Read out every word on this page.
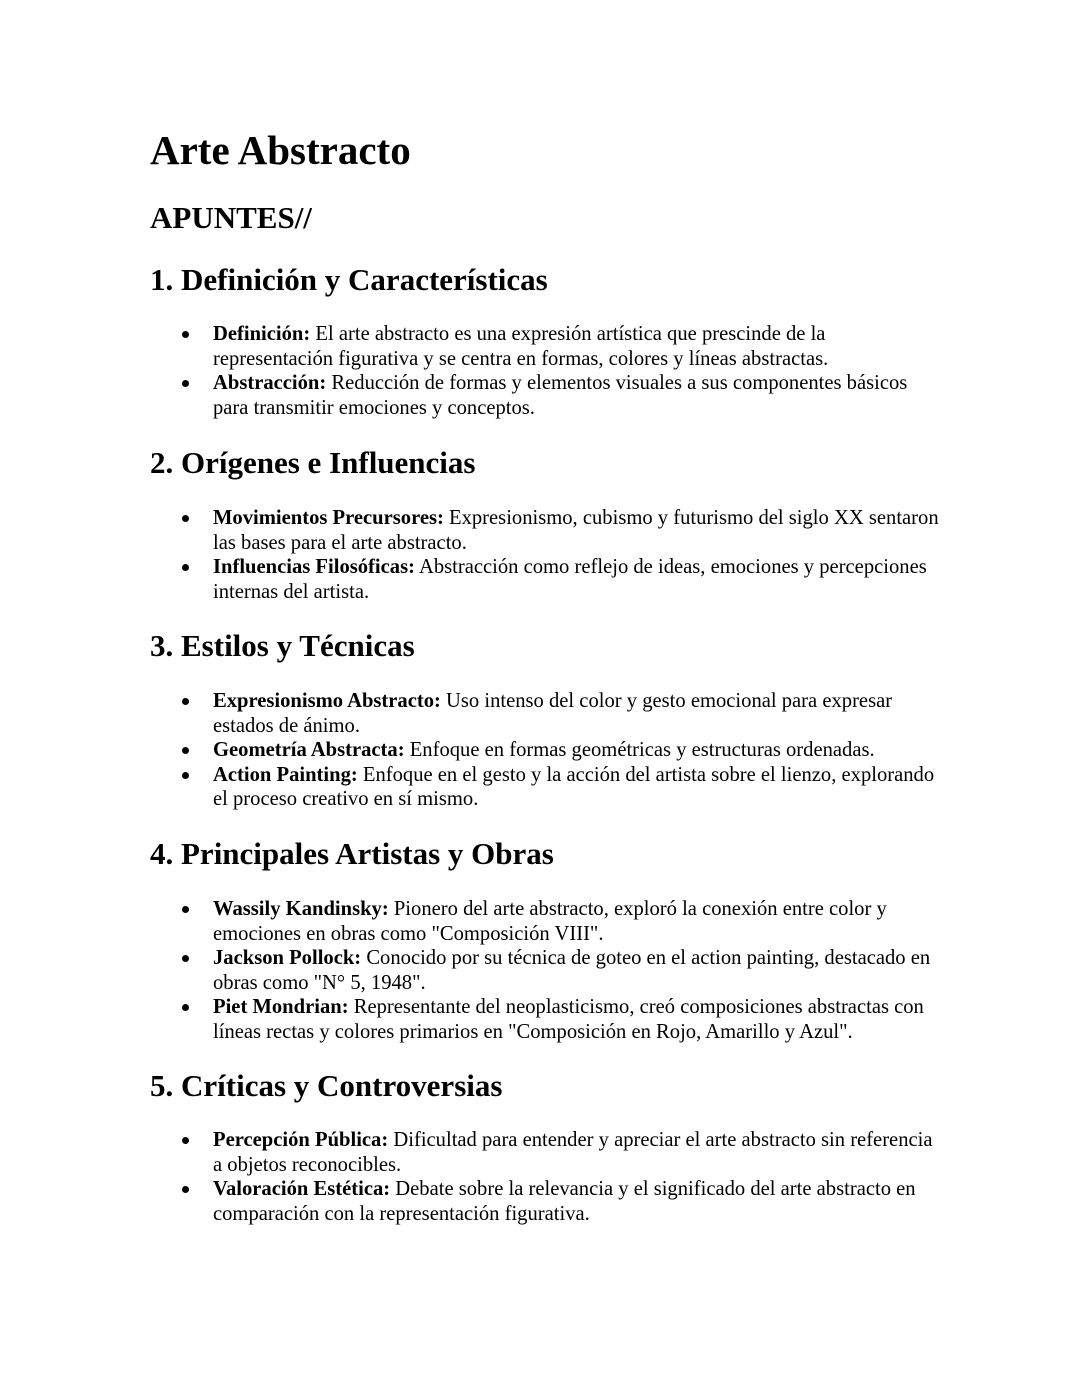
Arte Abstracto
APUNTES//
1. Definición y Características
Definición: El arte abstracto es una expresión artística que prescinde de la representación figurativa y se centra en formas, colores y líneas abstractas.
Abstracción: Reducción de formas y elementos visuales a sus componentes básicos para transmitir emociones y conceptos.
2. Orígenes e Influencias
Movimientos Precursores: Expresionismo, cubismo y futurismo del siglo XX sentaron las bases para el arte abstracto.
Influencias Filosóficas: Abstracción como reflejo de ideas, emociones y percepciones internas del artista.
3. Estilos y Técnicas
Expresionismo Abstracto: Uso intenso del color y gesto emocional para expresar estados de ánimo.
Geometría Abstracta: Enfoque en formas geométricas y estructuras ordenadas.
Action Painting: Enfoque en el gesto y la acción del artista sobre el lienzo, explorando el proceso creativo en sí mismo.
4. Principales Artistas y Obras
Wassily Kandinsky: Pionero del arte abstracto, exploró la conexión entre color y emociones en obras como "Composición VIII".
Jackson Pollock: Conocido por su técnica de goteo en el action painting, destacado en obras como "N° 5, 1948".
Piet Mondrian: Representante del neoplasticismo, creó composiciones abstractas con líneas rectas y colores primarios en "Composición en Rojo, Amarillo y Azul".
5. Críticas y Controversias
Percepción Pública: Dificultad para entender y apreciar el arte abstracto sin referencia a objetos reconocibles.
Valoración Estética: Debate sobre la relevancia y el significado del arte abstracto en comparación con la representación figurativa.
